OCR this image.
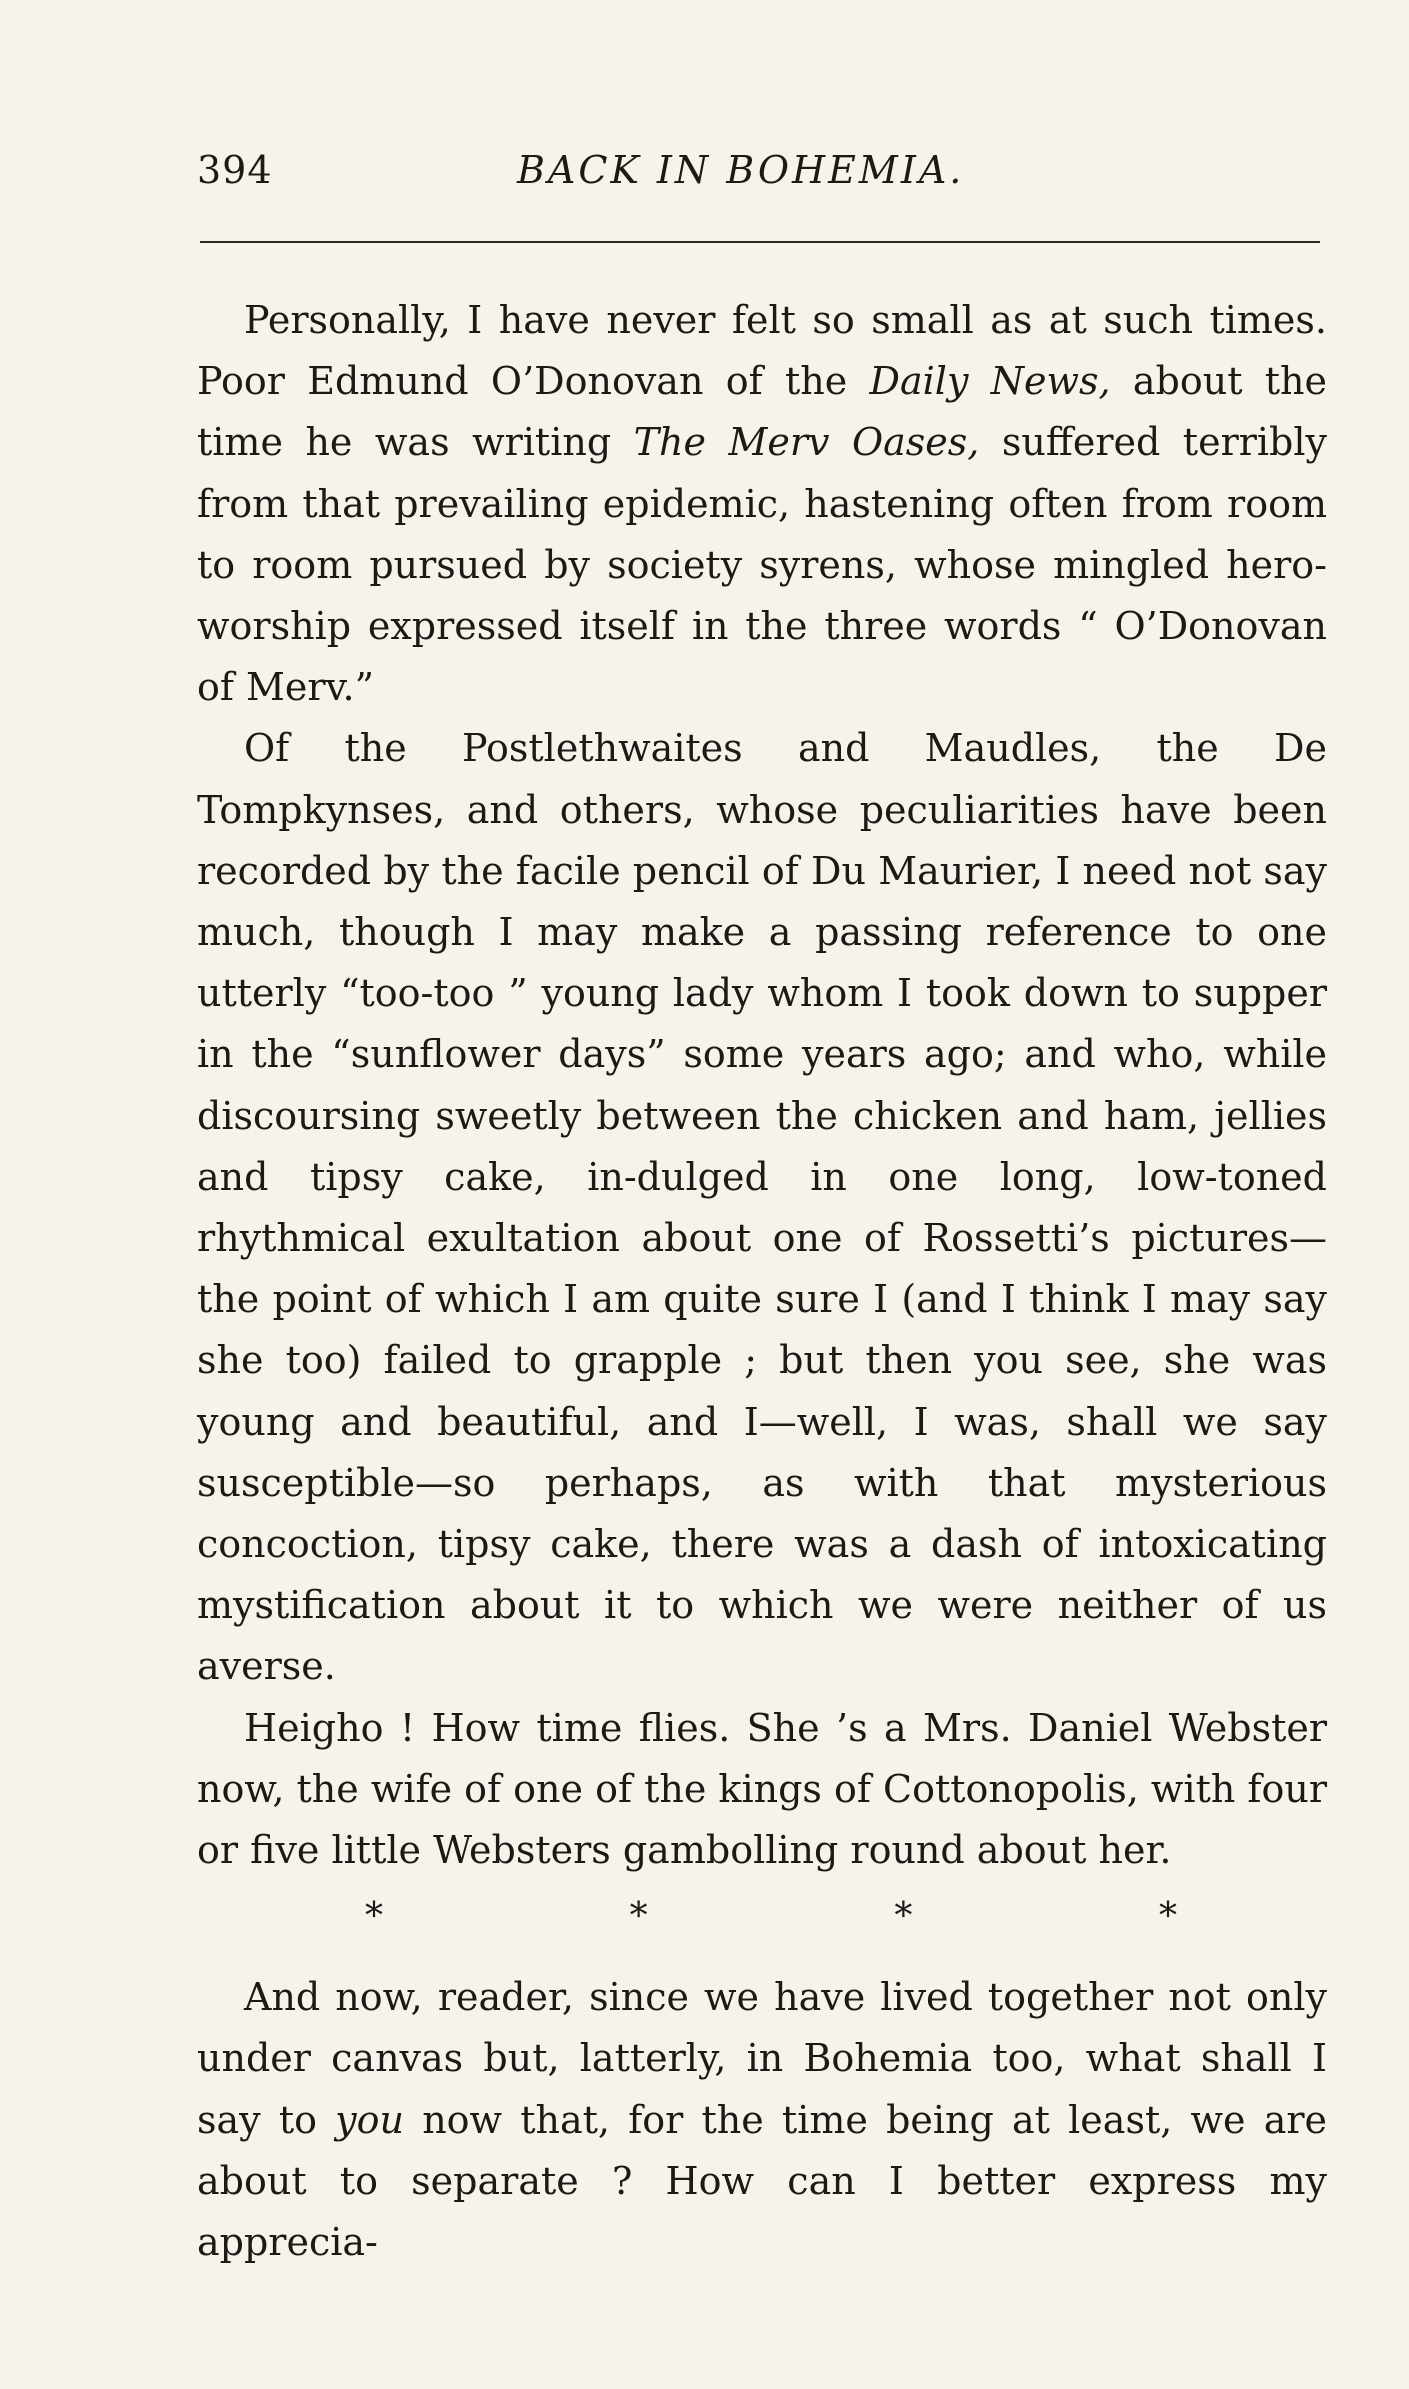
394	BACK IN BOHEMIA.

Personally, I have never felt so small as at such times. Poor Edmund O’Donovan of the Daily News, about the time he was writing The Merv Oases, suffered terribly from that prevailing epidemic, hastening often from room to room pursued by society syrens, whose mingled hero-worship expressed itself in the three words “ O’Donovan of Merv.”

Of the Postlethwaites and Maudles, the De Tompkynses, and others, whose peculiarities have been recorded by the facile pencil of Du Maurier, I need not say much, though I may make a passing reference to one utterly “too-too ” young lady whom I took down to supper in the “sunflower days” some years ago; and who, while discoursing sweetly between the chicken and ham, jellies and tipsy cake, in-dulged in one long, low-toned rhythmical exultation about one of Rossetti’s pictures—the point of which I am quite sure I (and I think I may say she too) failed to grapple ; but then you see, she was young and beautiful, and I—well, I was, shall we say susceptible—so perhaps, as with that mysterious concoction, tipsy cake, there was a dash of intoxicating mystification about it to which we were neither of us averse.

Heigho ! How time flies. She ’s a Mrs. Daniel Webster now, the wife of one of the kings of Cottonopolis, with four or five little Websters gambolling round about her.

*	*	*	*

And now, reader, since we have lived together not only under canvas but, latterly, in Bohemia too, what shall I say to you now that, for the time being at least, we are about to separate ? How can I better express my apprecia-
